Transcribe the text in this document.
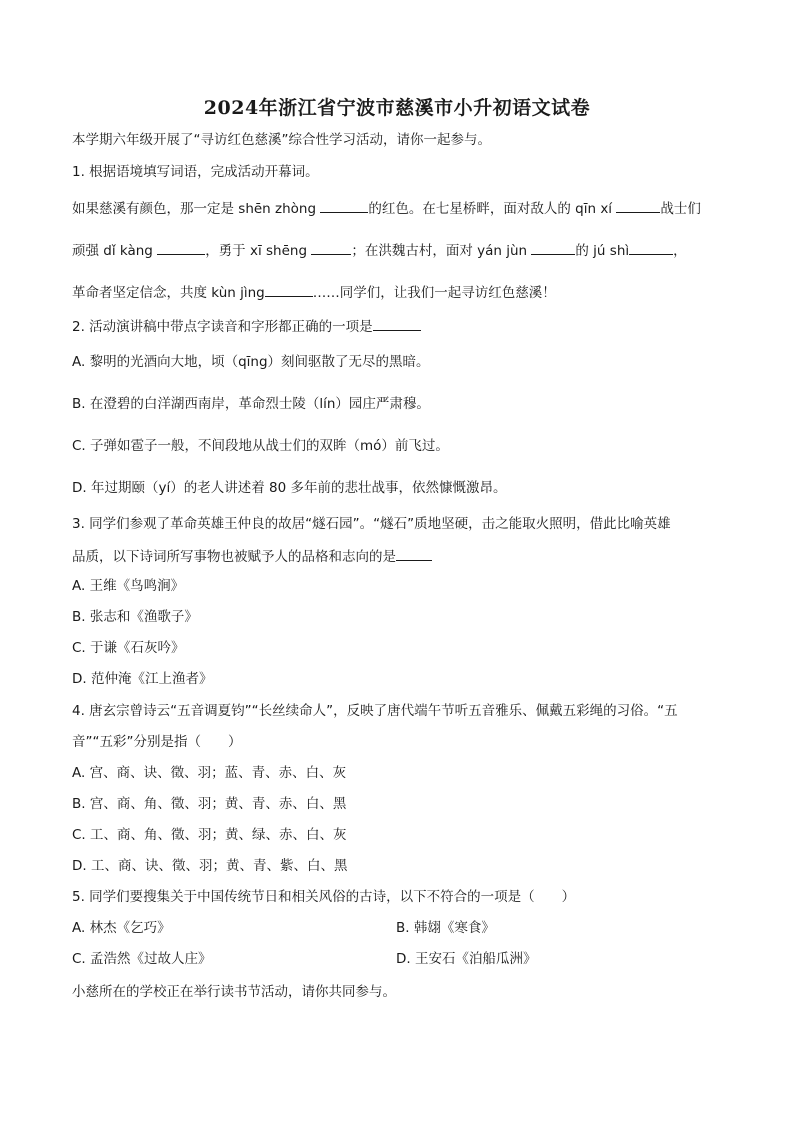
2024年浙江省宁波市慈溪市小升初语文试卷
本学期六年级开展了“寻访红色慈溪”综合性学习活动，请你一起参与。
1. 根据语境填写词语，完成活动开幕词。
如果慈溪有颜色，那一定是 shēn zhòng	的红色。在七星桥畔，面对敌人的 qīn xí	战士们
顽强 dǐ kàng	，勇于 xī shēng	；在洪魏古村，面对 yán jùn	的 jú shì	，
革命者坚定信念，共度 kùn jìng	……同学们，让我们一起寻访红色慈溪！
2. 活动演讲稿中带点字读音和字形都正确的一项是
A. 黎明的光酒向大地，顷（qīng）刻间驱散了无尽的黑暗。
B. 在澄碧的白洋湖西南岸，革命烈士陵（lín）园庄严肃穆。
C. 子弹如雹子一般，不间段地从战士们的双眸（mó）前飞过。
D. 年过期颐（yí）的老人讲述着 80 多年前的悲壮战事，依然慷慨激昂。
3. 同学们参观了革命英雄王仲良的故居“燧石园”。“燧石”质地坚硬，击之能取火照明，借此比喻英雄
品质，以下诗词所写事物也被赋予人的品格和志向的是
A. 王维《鸟鸣涧》
B. 张志和《渔歌子》
C. 于谦《石灰吟》
D. 范仲淹《江上渔者》
4. 唐玄宗曾诗云“五音调夏钧”“长丝续命人”，反映了唐代端午节听五音雅乐、佩戴五彩绳的习俗。“五
音”“五彩”分别是指（　　）
A. 宫、商、诀、徵、羽；蓝、青、赤、白、灰
B. 宫、商、角、徵、羽；黄、青、赤、白、黑
C. 工、商、角、徵、羽；黄、绿、赤、白、灰
D. 工、商、诀、徵、羽；黄、青、紫、白、黑
5. 同学们要搜集关于中国传统节日和相关风俗的古诗，以下不符合的一项是（　　）
A. 林杰《乞巧》	B. 韩翃《寒食》
C. 孟浩然《过故人庄》	D. 王安石《泊船瓜洲》
小慈所在的学校正在举行读书节活动，请你共同参与。
